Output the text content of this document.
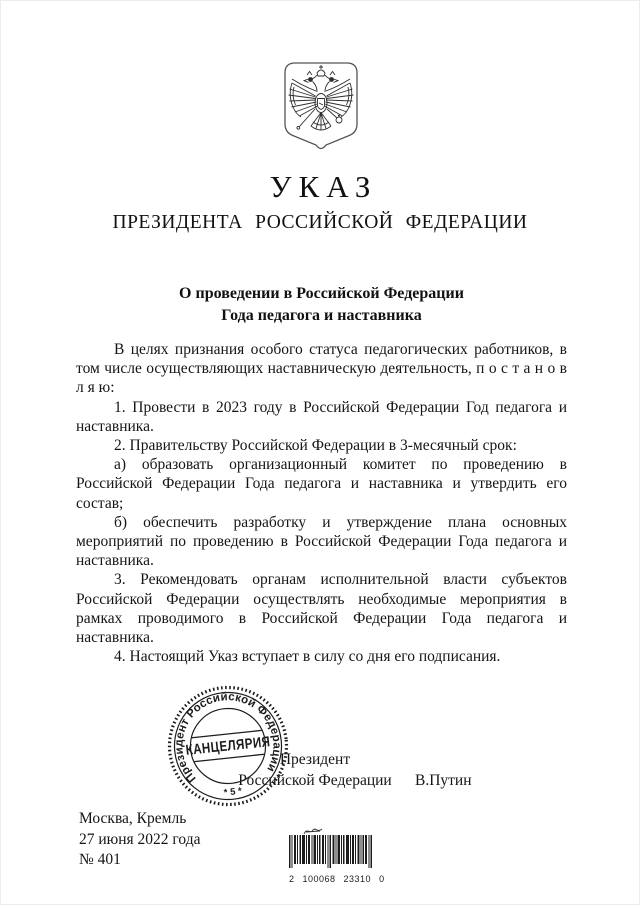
УКАЗ
ПРЕЗИДЕНТА РОССИЙСКОЙ ФЕДЕРАЦИИ
О проведении в Российской Федерации
Года педагога и наставника

В целях признания особого статуса педагогических работников, в том числе осуществляющих наставническую деятельность, п о с т а н о в л я ю:

1. Провести в 2023 году в Российской Федерации Год педагога и наставника.

2. Правительству Российской Федерации в 3-месячный срок:

а) образовать организационный комитет по проведению в Российской Федерации Года педагога и наставника и утвердить его состав;

б) обеспечить разработку и утверждение плана основных мероприятий по проведению в Российской Федерации Года педагога и наставника.

3. Рекомендовать органам исполнительной власти субъектов Российской Федерации осуществлять необходимые мероприятия в рамках проводимого в Российской Федерации Года педагога и наставника.

4. Настоящий Указ вступает в силу со дня его подписания.

Президент
Российской Федерации	В.Путин
Президент Российской Федерации
* 5 *
КАНЦЕЛЯРИЯ
Москва, Кремль
27 июня 2022 года
№ 401
2 100068 23310 0
